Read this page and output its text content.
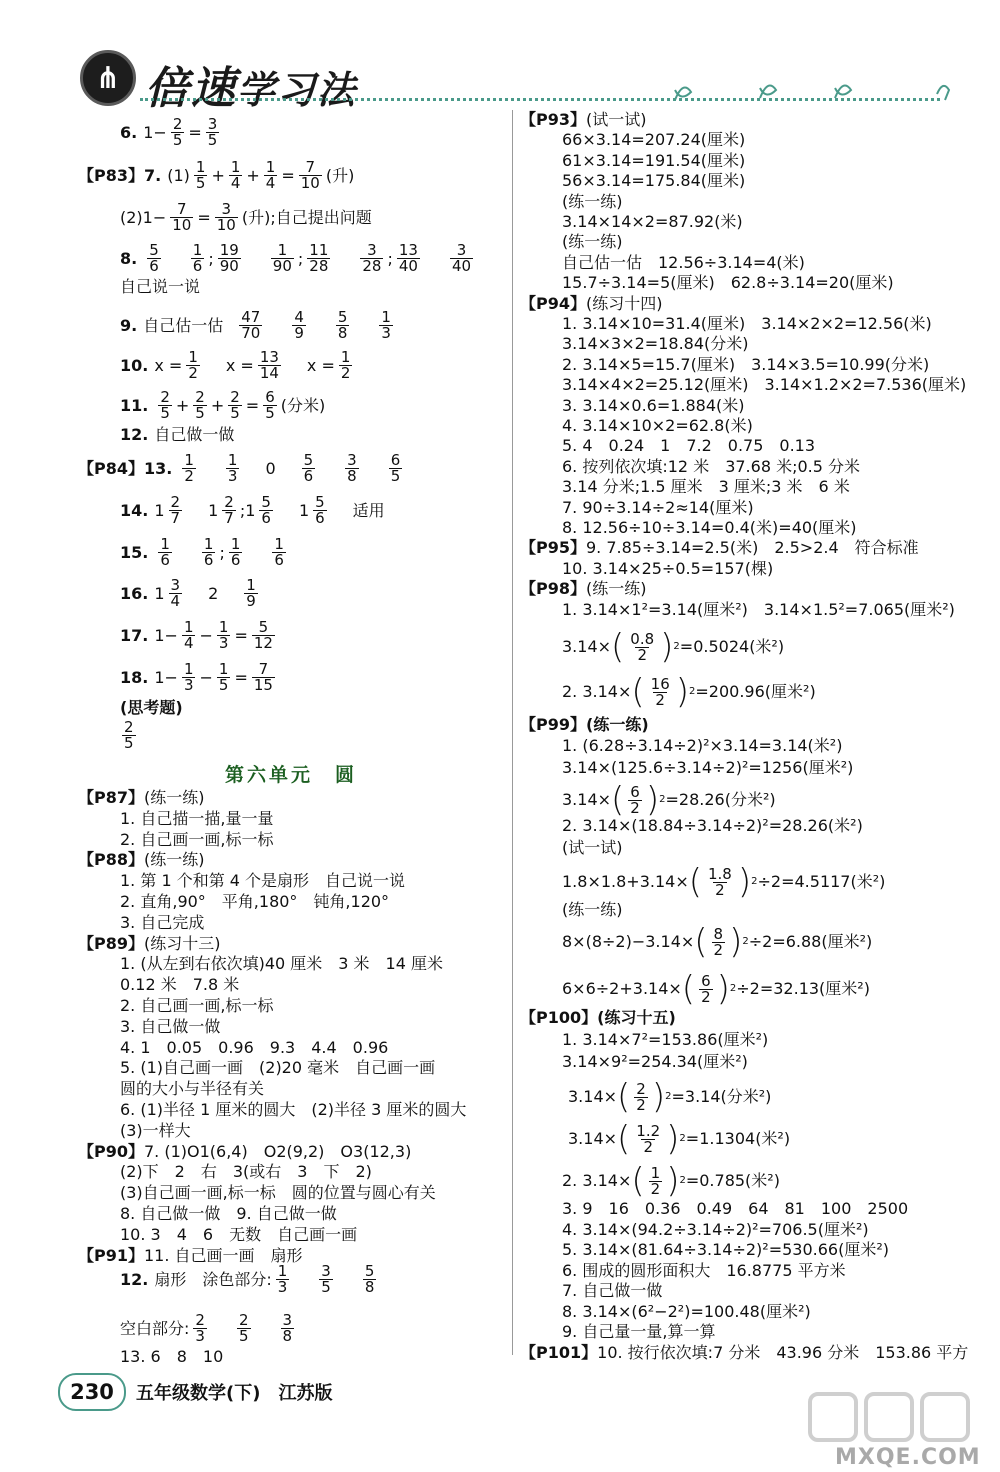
⋔ 倍速学习法
6. $1- \frac{2}{5} = \frac{3}{5}$
【P83】 7. $(1) \frac{1}{5} + \frac{1}{4} + \frac{1}{4} = \frac{7}{10}$ (升)
$(2)1- \frac{7}{10} = \frac{3}{10}$ (升);自己提出问题
8. $\frac{5}{6} \frac{1}{6}$ ; $\frac{19}{90} \frac{1}{90}$ ; $\frac{11}{28} \frac{3}{28}$ ; $\frac{13}{40} \frac{3}{40}$
自己说一说
9. 自己估一估 $\frac{47}{70} \frac{4}{9} \frac{5}{8} \frac{1}{3}$
10. $x = \frac{1}{2}$ $x = \frac{13}{14}$ $x = \frac{1}{2}$
11. $\frac{2}{5} + \frac{2}{5} + \frac{2}{5} = \frac{6}{5}$ (分米)
12. 自己做一做
【P84】 13. $\frac{1}{2} \frac{1}{3} 0 \frac{5}{6} \frac{3}{8} \frac{6}{5}$
14. $1 \frac{2}{7} 1 \frac{2}{7}$ ; $1 \frac{5}{6} 1 \frac{5}{6}$ 适用
15. $\frac{1}{6} \frac{1}{6}$ ; $\frac{1}{6} \frac{1}{6}$
16. $1 \frac{3}{4} 2 \frac{1}{9}$
17. $1- \frac{1}{4} - \frac{1}{3} = \frac{5}{12}$
18. $1- \frac{1}{3} - \frac{1}{5} = \frac{7}{15}$
(思考题)
$\frac{2}{5}$
第六单元　圆
【P87】 (练一练)
1. 自己描一描,量一量
2. 自己画一画,标一标
【P88】 (练一练)
1. 第 1 个和第 4 个是扇形　自己说一说
2. 直角,90°　平角,180°　钝角,120°
3. 自己完成
【P89】 (练习十三)
1. (从左到右依次填)40 厘米　3 米　14 厘米
0.12 米　7.8 米
2. 自己画一画,标一标
3. 自己做一做
4. 1　0.05　0.96　9.3　4.4　0.96
5. (1)自己画一画　(2)20 毫米　自己画一画
圆的大小与半径有关
6. (1)半径 1 厘米的圆大　(2)半径 3 厘米的圆大
(3)一样大
【P90】 7. (1)O1(6,4)　O2(9,2)　O3(12,3)
(2)下　2　右　3(或右　3　下　2)
(3)自己画一画,标一标　圆的位置与圆心有关
8. 自己做一做　9. 自己做一做
10. 3　4　6　无数　自己画一画
【P91】 11. 自己画一画　扇形
12. 扇形　涂色部分: $\frac{1}{3} \frac{3}{5} \frac{5}{8}$
空白部分: $\frac{2}{3} \frac{2}{5} \frac{3}{8}$
13. 6　8　10
【P93】 (试一试)
66×3.14=207.24(厘米)
61×3.14=191.54(厘米)
56×3.14=175.84(厘米)
(练一练)
3.14×14×2=87.92(米)
(练一练)
自己估一估　12.56÷3.14=4(米)
15.7÷3.14=5(厘米)　62.8÷3.14=20(厘米)
【P94】 (练习十四)
1. 3.14×10=31.4(厘米)　3.14×2×2=12.56(米)
3.14×3×2=18.84(分米)
2. 3.14×5=15.7(厘米)　3.14×3.5=10.99(分米)
3.14×4×2=25.12(厘米)　3.14×1.2×2=7.536(厘米)
3. 3.14×0.6=1.884(米)
4. 3.14×10×2=62.8(米)
5. 4　0.24　1　7.2　0.75　0.13
6. 按列依次填:12 米　37.68 米;0.5 分米
3.14 分米;1.5 厘米　3 厘米;3 米　6 米
7. 90÷3.14÷2≈14(厘米)
8. 12.56÷10÷3.14=0.4(米)=40(厘米)
【P95】 9. 7.85÷3.14=2.5(米)　2.5>2.4　符合标准
10. 3.14×25÷0.5=157(棵)
【P98】 (练一练)
1. 3.14×1²=3.14(厘米²)　3.14×1.5²=7.065(厘米²)
3.14× ( $\frac{0.8}{2}$ ) 2 =0.5024(米²)
2. 3.14× ( $\frac{16}{2}$ ) 2 =200.96(厘米²)
【P99】 (练一练)
1. (6.28÷3.14÷2)²×3.14=3.14(米²)
3.14×(125.6÷3.14÷2)²=1256(厘米²)
3.14× ( $\frac{6}{2}$ ) 2 =28.26(分米²)
2. 3.14×(18.84÷3.14÷2)²=28.26(米²)
(试一试)
1.8×1.8+3.14× ( $\frac{1.8}{2}$ ) 2 ÷2=4.5117(米²)
(练一练)
8×(8÷2)−3.14× ( $\frac{8}{2}$ ) 2 ÷2=6.88(厘米²)
6×6÷2+3.14× ( $\frac{6}{2}$ ) 2 ÷2=32.13(厘米²)
【P100】 (练习十五)
1. 3.14×7²=153.86(厘米²)
3.14×9²=254.34(厘米²)
3.14× ( $\frac{2}{2}$ ) 2 =3.14(分米²)
3.14× ( $\frac{1.2}{2}$ ) 2 =1.1304(米²)
2. 3.14× ( $\frac{1}{2}$ ) 2 =0.785(米²)
3. 9　16　0.36　0.49　64　81　100　2500
4. 3.14×(94.2÷3.14÷2)²=706.5(厘米²)
5. 3.14×(81.64÷3.14÷2)²=530.66(厘米²)
6. 围成的圆形面积大　16.8775 平方米
7. 自己做一做
8. 3.14×(6²−2²)=100.48(厘米²)
9. 自己量一量,算一算
【P101】 10. 按行依次填:7 分米　43.96 分米　153.86 平方
230	五年级数学(下)　江苏版
MXQE.COM
